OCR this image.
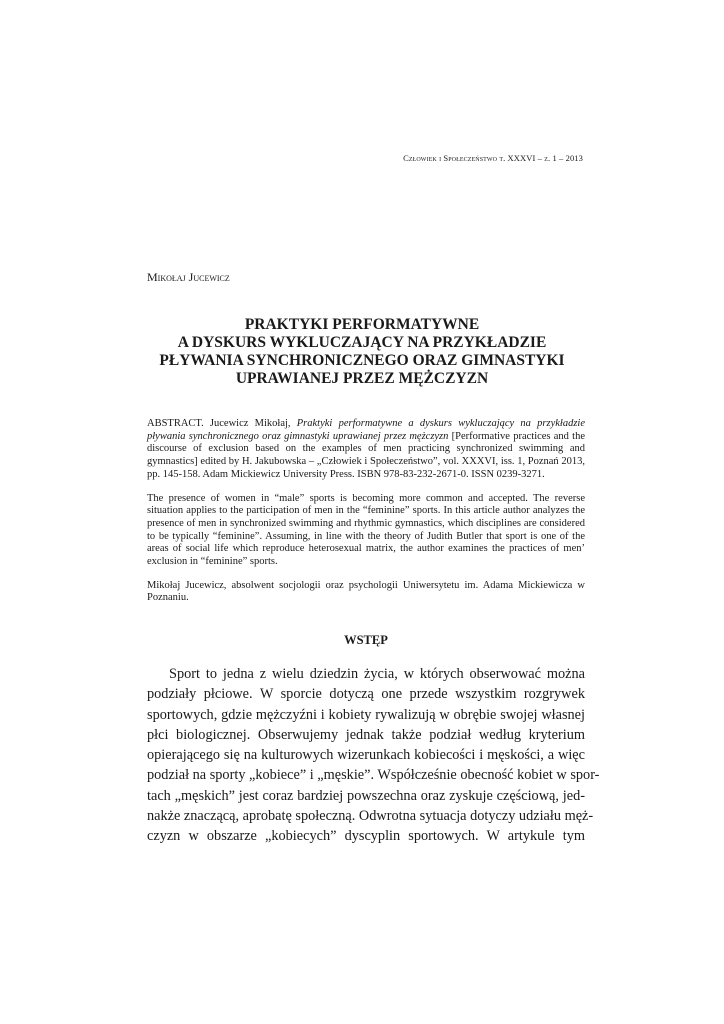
Człowiek i Społeczeństwo t. XXXVI – z. 1 – 2013
Mikołaj Jucewicz
PRAKTYKI PERFORMATYWNE
A DYSKURS WYKLUCZAJĄCY NA PRZYKŁADZIE
PŁYWANIA SYNCHRONICZNEGO ORAZ GIMNASTYKI
UPRAWIANEJ PRZEZ MĘŻCZYZN

ABSTRACT. Jucewicz Mikołaj, Praktyki performatywne a dyskurs wykluczający na przykładzie pływania synchronicznego oraz gimnastyki uprawianej przez mężczyzn [Performative practices and the discourse of exclusion based on the examples of men practicing synchronized swimming and gymnastics] edited by H. Jakubowska – „Człowiek i Społeczeństwo”, vol. XXXVI, iss. 1, Poznań 2013, pp. 145-158. Adam Mickiewicz University Press. ISBN 978-83-232-2671-0. ISSN 0239-3271.

The presence of women in “male” sports is becoming more common and accepted. The reverse situation applies to the participation of men in the “feminine” sports. In this article author analyzes the presence of men in synchronized swimming and rhythmic gymnastics, which disciplines are considered to be typically “feminine”. Assuming, in line with the theory of Judith Butler that sport is one of the areas of social life which reproduce heterosexual matrix, the author examines the practices of men’ exclusion in “feminine” sports.

Mikołaj Jucewicz, absolwent socjologii oraz psychologii Uniwersytetu im. Adama Mickiewicza w Poznaniu.

WSTĘP
Sport to jedna z wielu dziedzin życia, w których obserwować można
podziały płciowe. W sporcie dotyczą one przede wszystkim rozgrywek
sportowych, gdzie mężczyźni i kobiety rywalizują w obrębie swojej własnej
płci biologicznej. Obserwujemy jednak także podział według kryterium
opierającego się na kulturowych wizerunkach kobiecości i męskości, a więc
podział na sporty „kobiece” i „męskie”. Współcześnie obecność kobiet w spor-
tach „męskich” jest coraz bardziej powszechna oraz zyskuje częściową, jed-
nakże znaczącą, aprobatę społeczną. Odwrotna sytuacja dotyczy udziału męż-
czyzn w obszarze „kobiecych” dyscyplin sportowych. W artykule tym
